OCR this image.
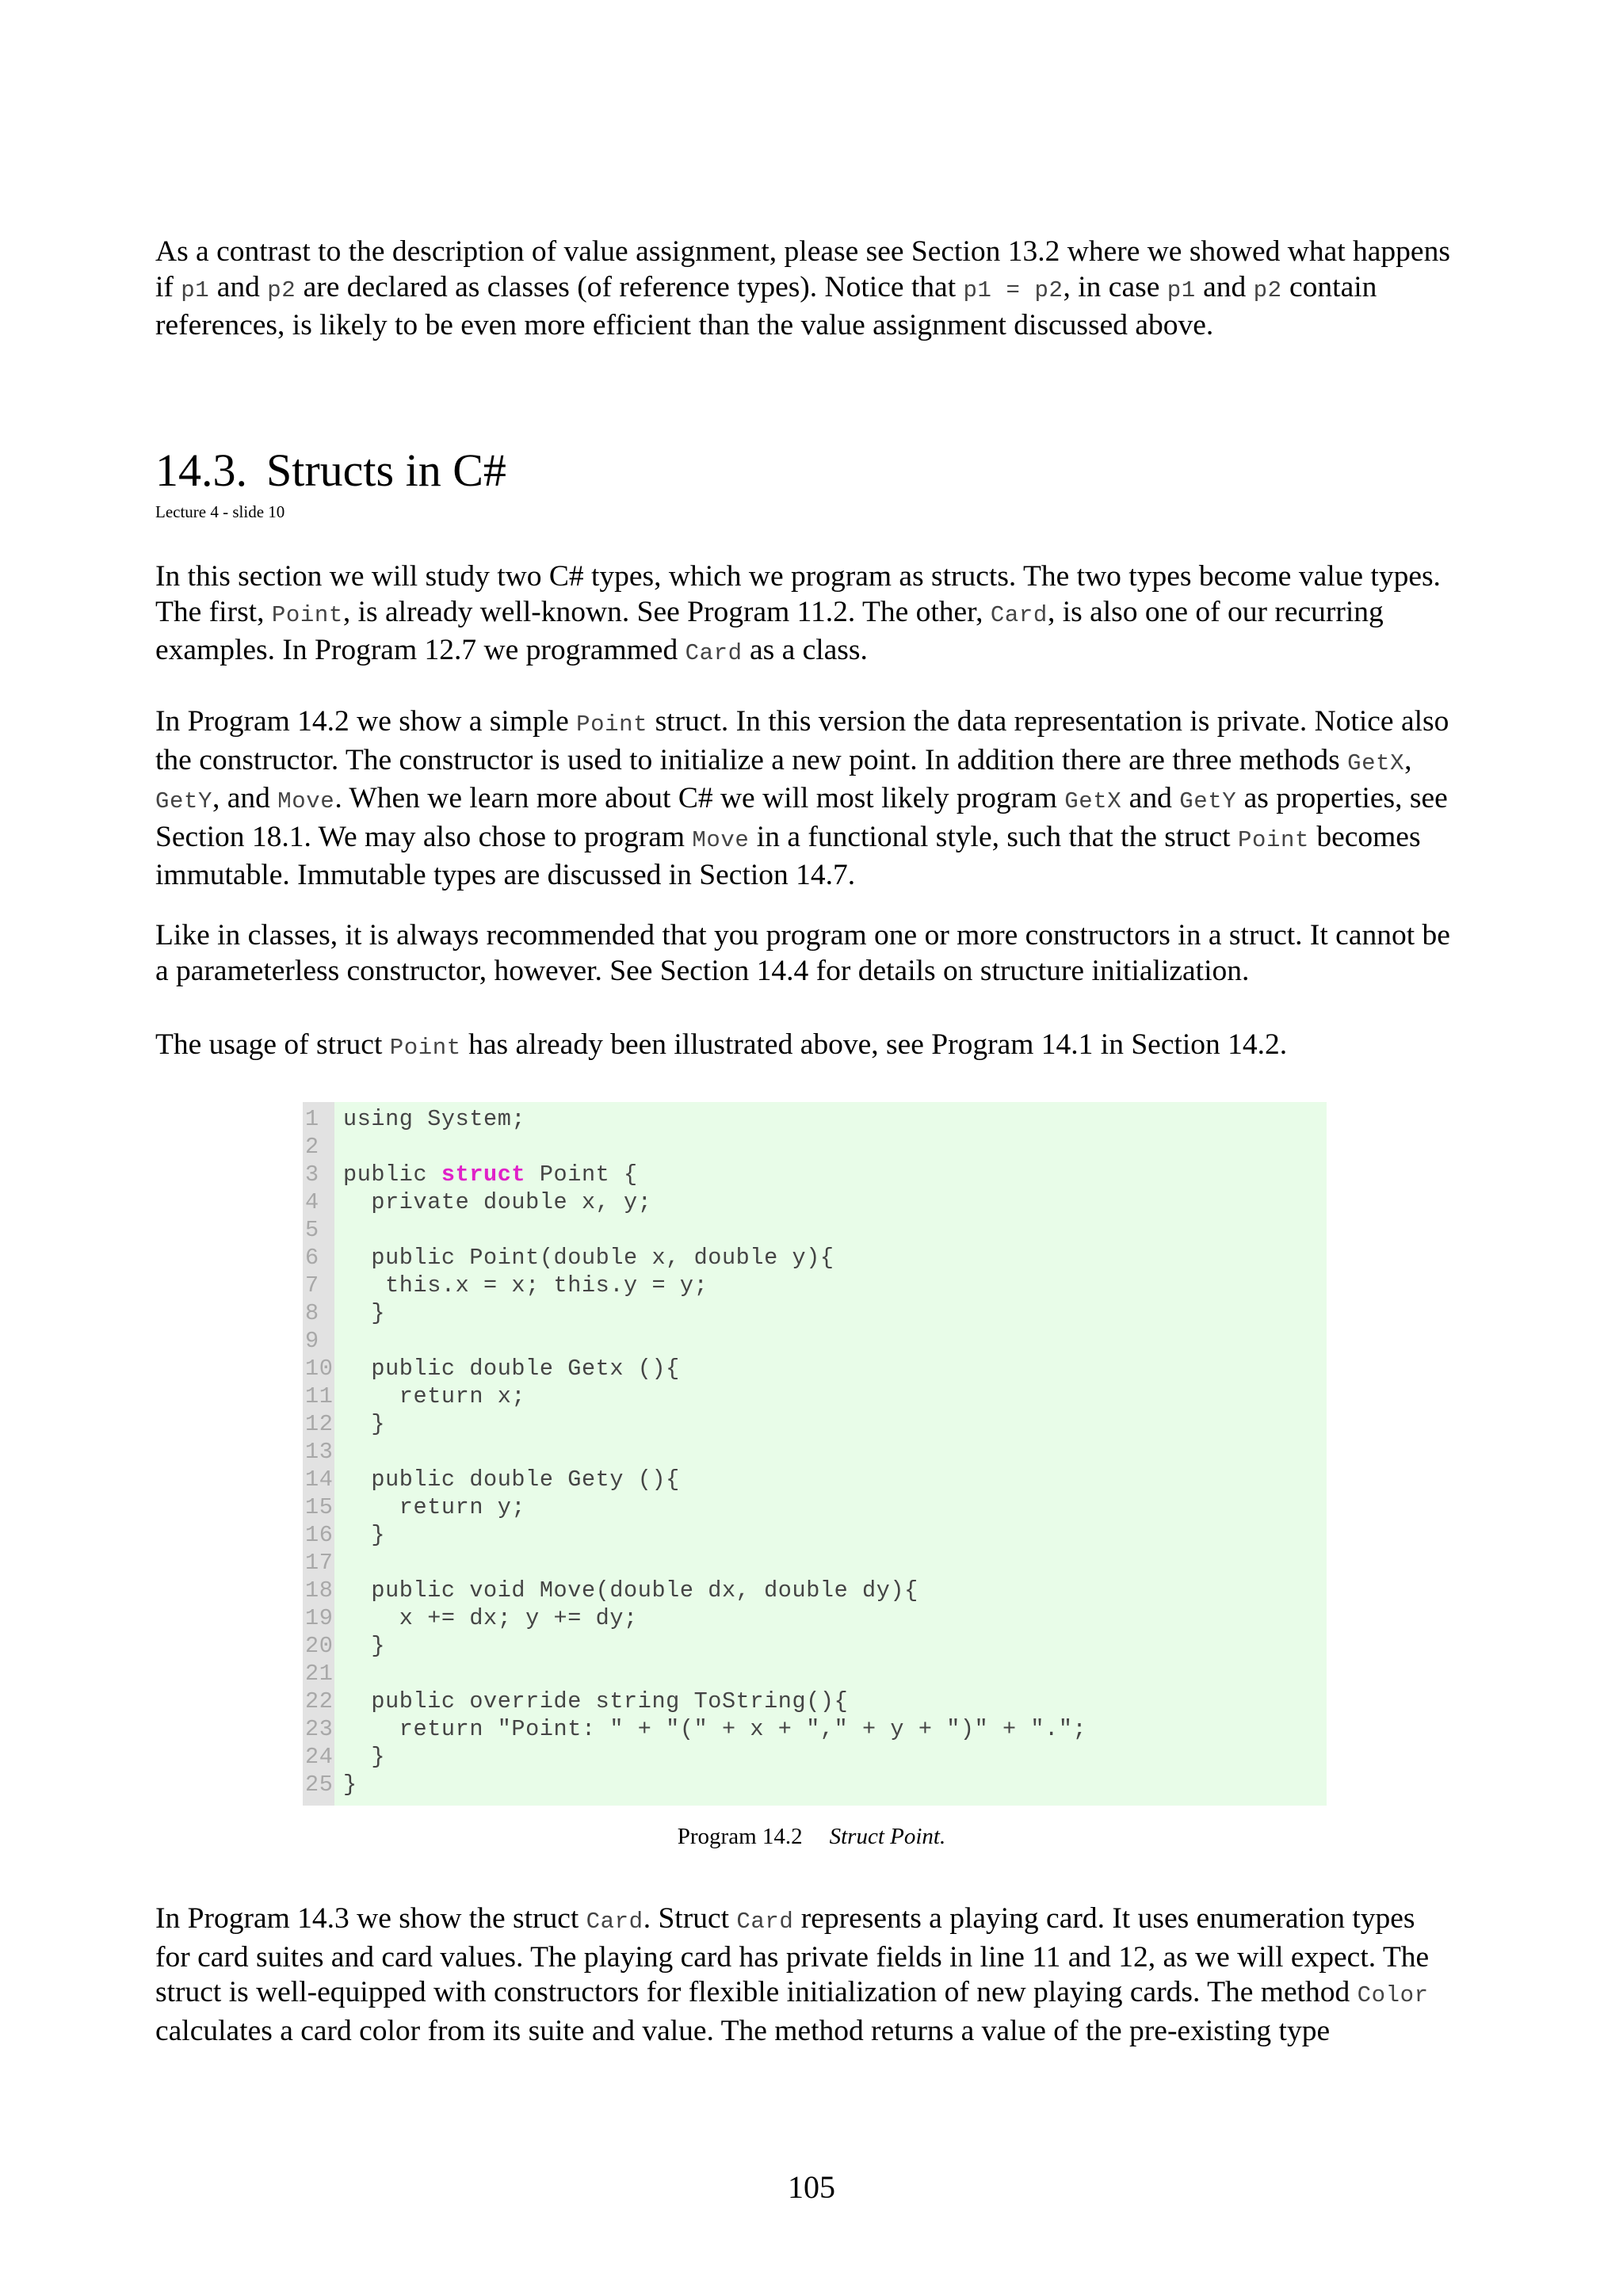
As a contrast to the description of value assignment, please see Section 13.2 where we showed what happens
if p1 and p2 are declared as classes (of reference types). Notice that p1 = p2, in case p1 and p2 contain
references, is likely to be even more efficient than the value assignment discussed above.

14.3. Structs in C#

Lecture 4 - slide 10

In this section we will study two C# types, which we program as structs. The two types become value types.
The first, Point, is already well-known. See Program 11.2. The other, Card, is also one of our recurring
examples. In Program 12.7 we programmed Card as a class.

In Program 14.2 we show a simple Point struct. In this version the data representation is private. Notice also
the constructor. The constructor is used to initialize a new point. In addition there are three methods GetX,
GetY, and Move. When we learn more about C# we will most likely program GetX and GetY as properties, see
Section 18.1. We may also chose to program Move in a functional style, such that the struct Point becomes
immutable. Immutable types are discussed in Section 14.7.

Like in classes, it is always recommended that you program one or more constructors in a struct. It cannot be
a parameterless constructor, however. See Section 14.4 for details on structure initialization.

The usage of struct Point has already been illustrated above, see Program 14.1 in Section 14.2.

1 using System;
2
3 public struct Point {
4 private double x, y;
5
6 public Point(double x, double y){
7 this.x = x; this.y = y;
8 }
9
10 public double Getx (){
11 return x;
12 }
13
14 public double Gety (){
15 return y;
16 }
17
18 public void Move(double dx, double dy){
19 x += dx; y += dy;
20 }
21
22 public override string ToString(){
23 return "Point: " + "(" + x + "," + y + ")" + ".";
24 }
25 }

Program 14.2 Struct Point.

In Program 14.3 we show the struct Card. Struct Card represents a playing card. It uses enumeration types
for card suites and card values. The playing card has private fields in line 11 and 12, as we will expect. The
struct is well-equipped with constructors for flexible initialization of new playing cards. The method Color
calculates a card color from its suite and value. The method returns a value of the pre-existing type

105
